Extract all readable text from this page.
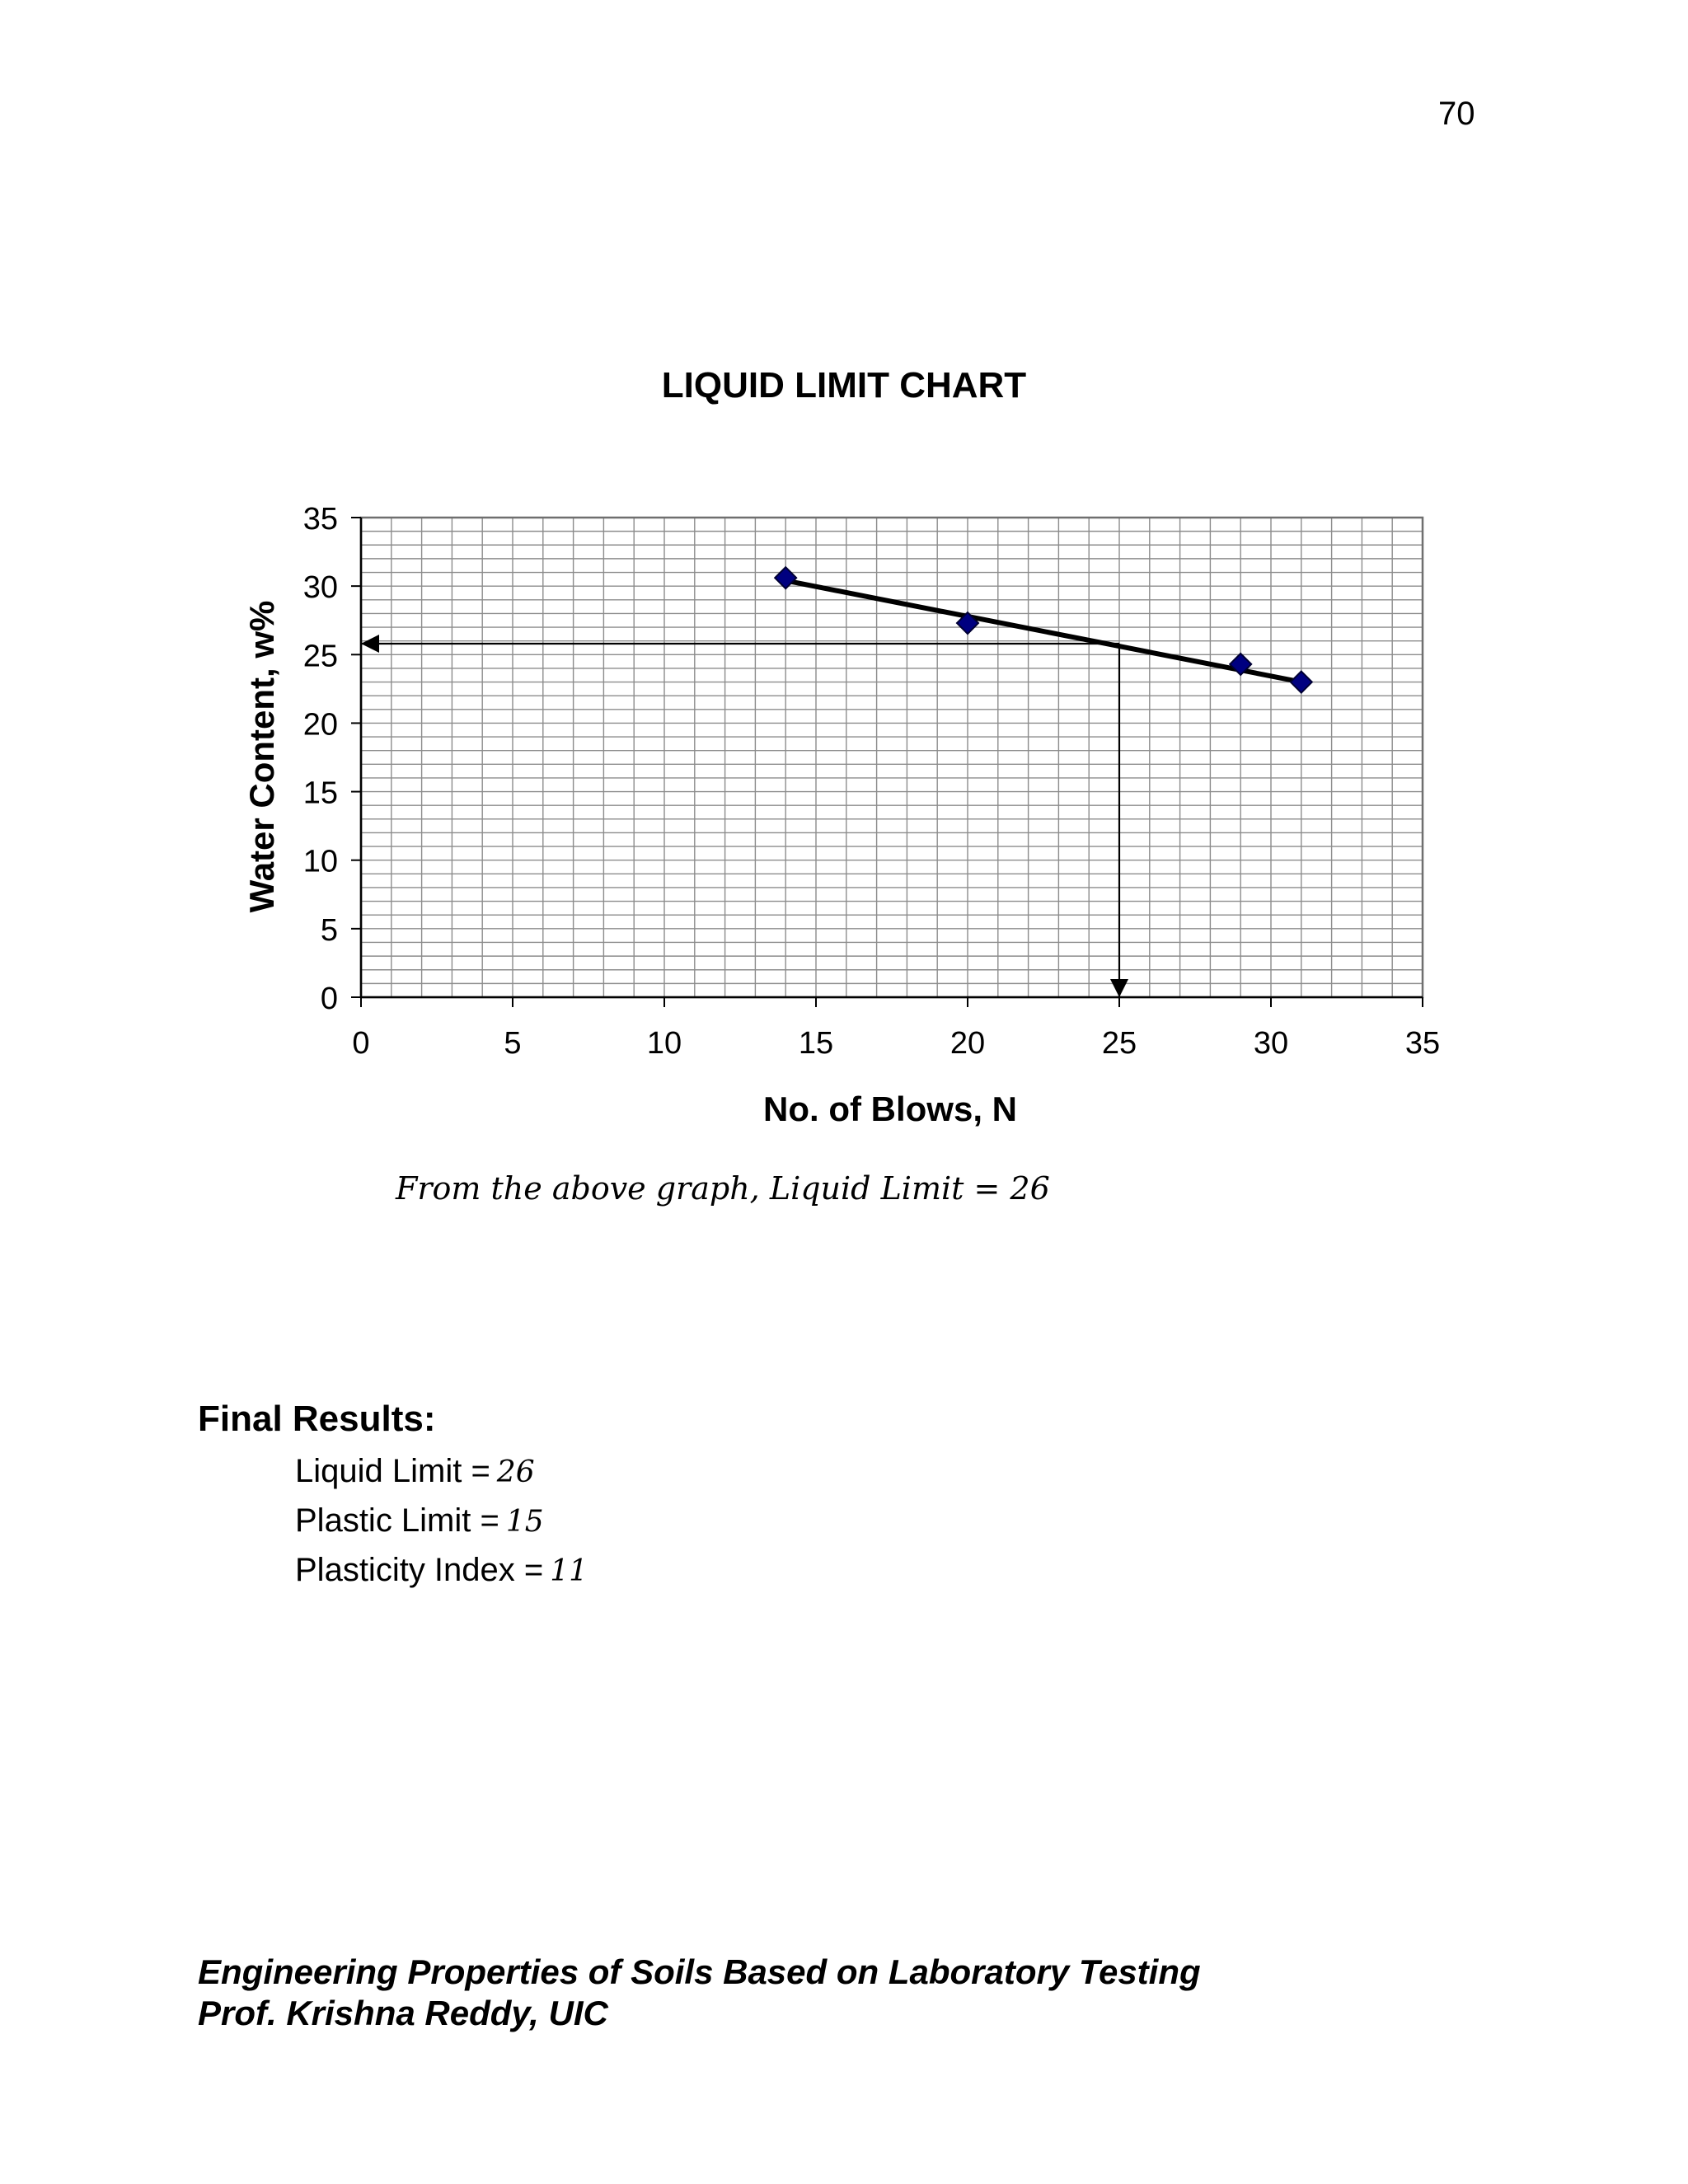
70
LIQUID LIMIT CHART
0	5	10	15	20	25	30	35
0
5
10
15
20
25
30
35
No. of Blows, N
Water Content, w%
From the above graph, Liquid Limit = 26
Final Results:
Liquid Limit = 26
Plastic Limit = 15
Plasticity Index = 11
Engineering Properties of Soils Based on Laboratory Testing
Prof. Krishna Reddy, UIC
